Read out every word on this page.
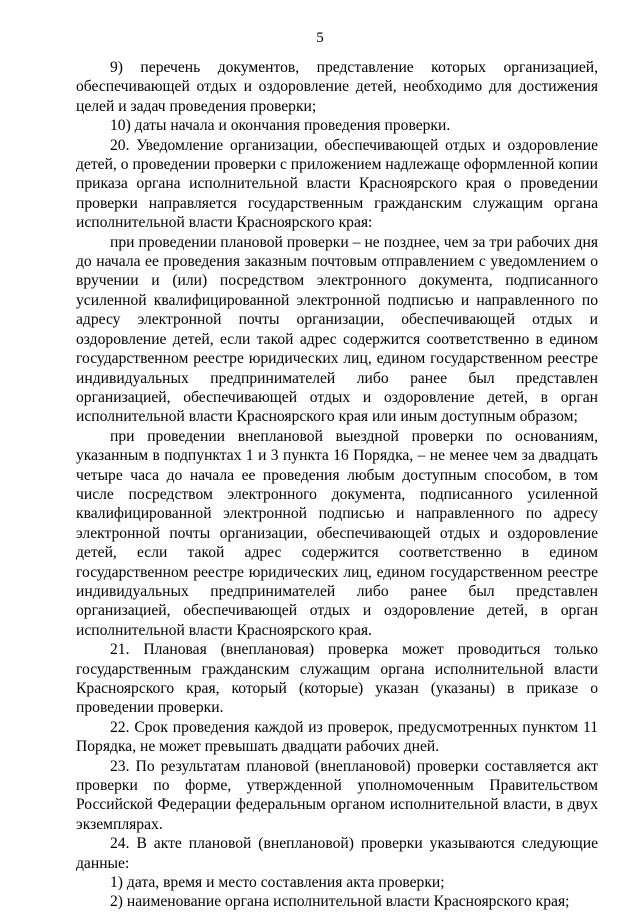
5

9) перечень документов, представление которых организацией, обеспечивающей отдых и оздоровление детей, необходимо для достижения целей и задач проведения проверки;

10) даты начала и окончания проведения проверки.

20. Уведомление организации, обеспечивающей отдых и оздоровление детей, о проведении проверки с приложением надлежаще оформленной копии приказа органа исполнительной власти Красноярского края о проведении проверки направляется государственным гражданским служащим органа исполнительной власти Красноярского края:

при проведении плановой проверки – не позднее, чем за три рабочих дня до начала ее проведения заказным почтовым отправлением с уведомлением о вручении и (или) посредством электронного документа, подписанного усиленной квалифицированной электронной подписью и направленного по адресу электронной почты организации, обеспечивающей отдых и оздоровление детей, если такой адрес содержится соответственно в едином государственном реестре юридических лиц, едином государственном реестре индивидуальных предпринимателей либо ранее был представлен организацией, обеспечивающей отдых и оздоровление детей, в орган исполнительной власти Красноярского края или иным доступным образом;

при проведении внеплановой выездной проверки по основаниям, указанным в подпунктах 1 и 3 пункта 16 Порядка, – не менее чем за двадцать четыре часа до начала ее проведения любым доступным способом, в том числе посредством электронного документа, подписанного усиленной квалифицированной электронной подписью и направленного по адресу электронной почты организации, обеспечивающей отдых и оздоровление детей, если такой адрес содержится соответственно в едином государственном реестре юридических лиц, едином государственном реестре индивидуальных предпринимателей либо ранее был представлен организацией, обеспечивающей отдых и оздоровление детей, в орган исполнительной власти Красноярского края.

21. Плановая (внеплановая) проверка может проводиться только государственным гражданским служащим органа исполнительной власти Красноярского края, который (которые) указан (указаны) в приказе о проведении проверки.

22. Срок проведения каждой из проверок, предусмотренных пунктом 11 Порядка, не может превышать двадцати рабочих дней.

23. По результатам плановой (внеплановой) проверки составляется акт проверки по форме, утвержденной уполномоченным Правительством Российской Федерации федеральным органом исполнительной власти, в двух экземплярах.

24. В акте плановой (внеплановой) проверки указываются следующие данные:

1) дата, время и место составления акта проверки;

2) наименование органа исполнительной власти Красноярского края;
